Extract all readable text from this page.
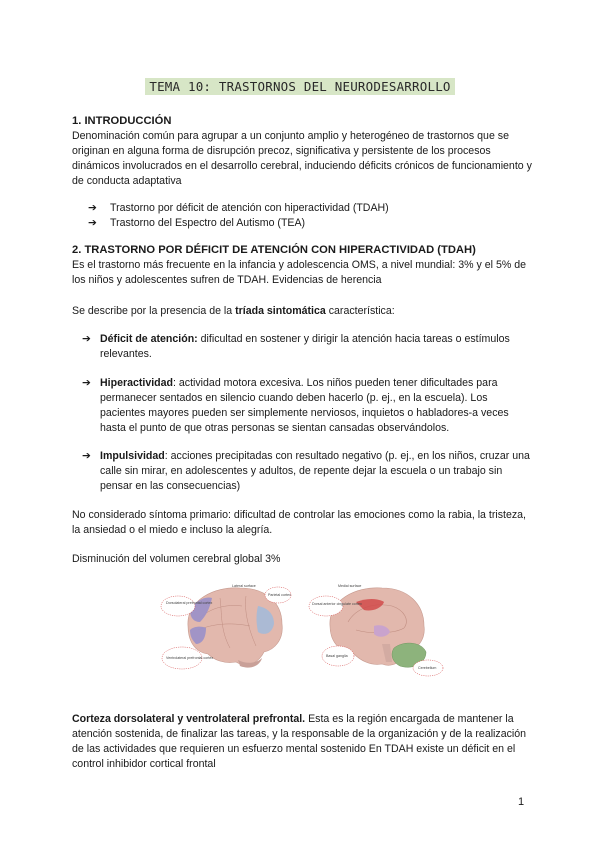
TEMA 10: TRASTORNOS DEL NEURODESARROLLO
1. INTRODUCCIÓN
Denominación común para agrupar a un conjunto amplio y heterogéneo de trastornos que se originan en alguna forma de disrupción precoz, significativa y persistente de los procesos dinámicos involucrados en el desarrollo cerebral, induciendo déficits crónicos de funcionamiento y de conducta adaptativa
➔ Trastorno por déficit de atención con hiperactividad (TDAH)
➔ Trastorno del Espectro del Autismo (TEA)
2. TRASTORNO POR DÉFICIT DE ATENCIÓN CON HIPERACTIVIDAD (TDAH)
Es el trastorno más frecuente en la infancia y adolescencia OMS, a nivel mundial: 3% y el 5% de los niños y adolescentes sufren de TDAH. Evidencias de herencia
Se describe por la presencia de la tríada sintomática característica:
➔ Déficit de atención: dificultad en sostener y dirigir la atención hacia tareas o estímulos relevantes.
➔ Hiperactividad: actividad motora excesiva. Los niños pueden tener dificultades para permanecer sentados en silencio cuando deben hacerlo (p. ej., en la escuela). Los pacientes mayores pueden ser simplemente nerviosos, inquietos o habladores-a veces hasta el punto de que otras personas se sientan cansadas observándolos.
➔ Impulsividad: acciones precipitadas con resultado negativo (p. ej., en los niños, cruzar una calle sin mirar, en adolescentes y adultos, de repente dejar la escuela o un trabajo sin pensar en las consecuencias)
No considerado síntoma primario: dificultad de controlar las emociones como la rabia, la tristeza, la ansiedad o el miedo e incluso la alegría.
Disminución del volumen cerebral global 3%
Lateral surface
Dorsolateral prefrontal cortex
Parietal cortex
Ventrolateral prefrontal cortex
Medial surface
Dorsal anterior cingulate cortex
Basal ganglia
Cerebellum
Corteza dorsolateral y ventrolateral prefrontal. Esta es la región encargada de mantener la atención sostenida, de finalizar las tareas, y la responsable de la organización y de la realización de las actividades que requieren un esfuerzo mental sostenido En TDAH existe un déficit en el control inhibidor cortical frontal
1
